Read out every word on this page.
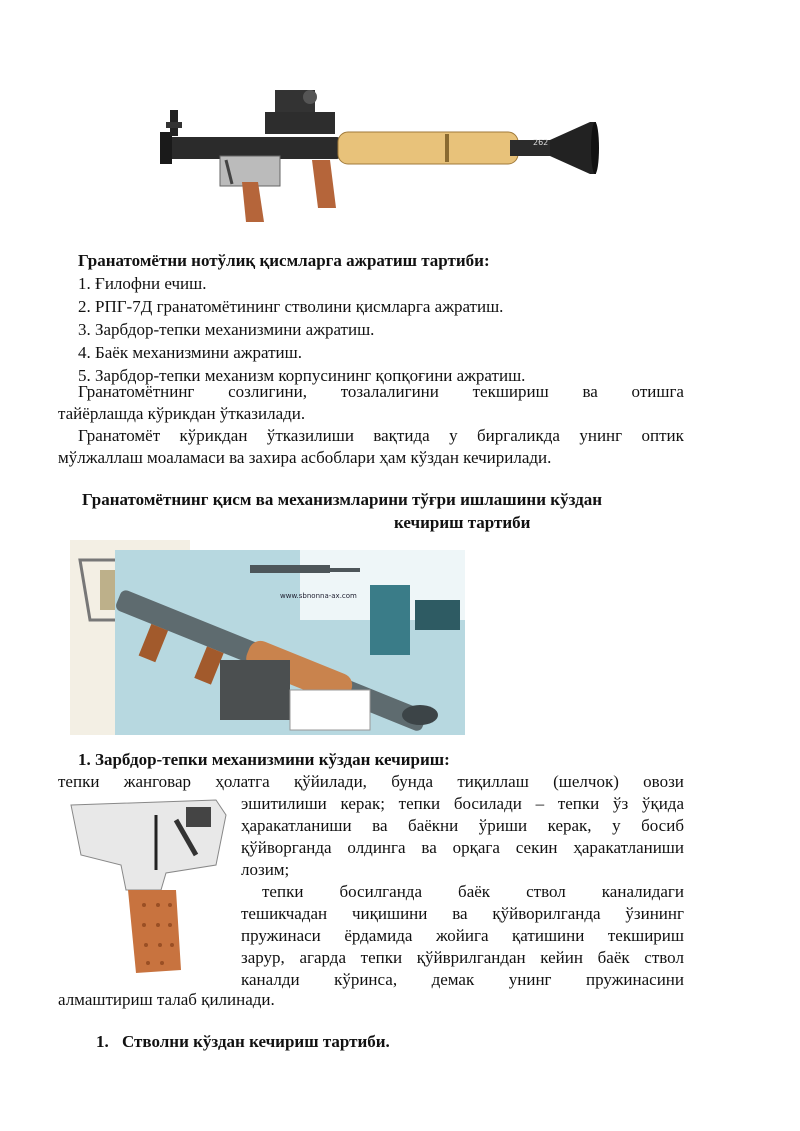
262
Гранатомётни нотўлиқ қисмларга ажратиш тартиби:
1. Ғилофни ечиш.
2. РПГ-7Д гранатомётининг стволини қисмларга ажратиш.
3. Зарбдор-тепки механизмини ажратиш.
4. Баёк механизмини ажратиш.
5. Зарбдор-тепки механизм корпусининг қопқоғини ажратиш.
Гранатомётнинг созлигини, тозалалигини текшириш ва отишга
тайёрлашда кўрикдан ўтказилади.
Гранатомёт кўрикдан ўтказилиши вақтида у биргаликда унинг оптик
мўлжаллаш моаламаси ва захира асбоблари ҳам кўздан кечирилади.
Гранатомётнинг қисм ва механизмларини тўғри ишлашини кўздан
кечириш тартиби
www.sbnonna-ax.com
1. Зарбдор-тепки механизмини кўздан кечириш:
тепки жанговар ҳолатга қўйилади, бунда тиқиллаш (шелчок) овози
эшитилиши керак; тепки босилади – тепки ўз ўқида
ҳаракатланиши ва баёкни ўриши керак, у босиб
қўйворганда олдинга ва орқага секин ҳаракатланиши
лозим;
тепки босилганда баёк ствол каналидаги
тешикчадан чиқишини ва қўйворилганда ўзининг
пружинаси ёрдамида жойига қатишини текшириш
зарур, агарда тепки қўйврилгандан кейин баёк ствол
каналди кўринса, демак унинг пружинасини
алмаштириш талаб қилинади.
1. Стволни кўздан кечириш тартиби.
